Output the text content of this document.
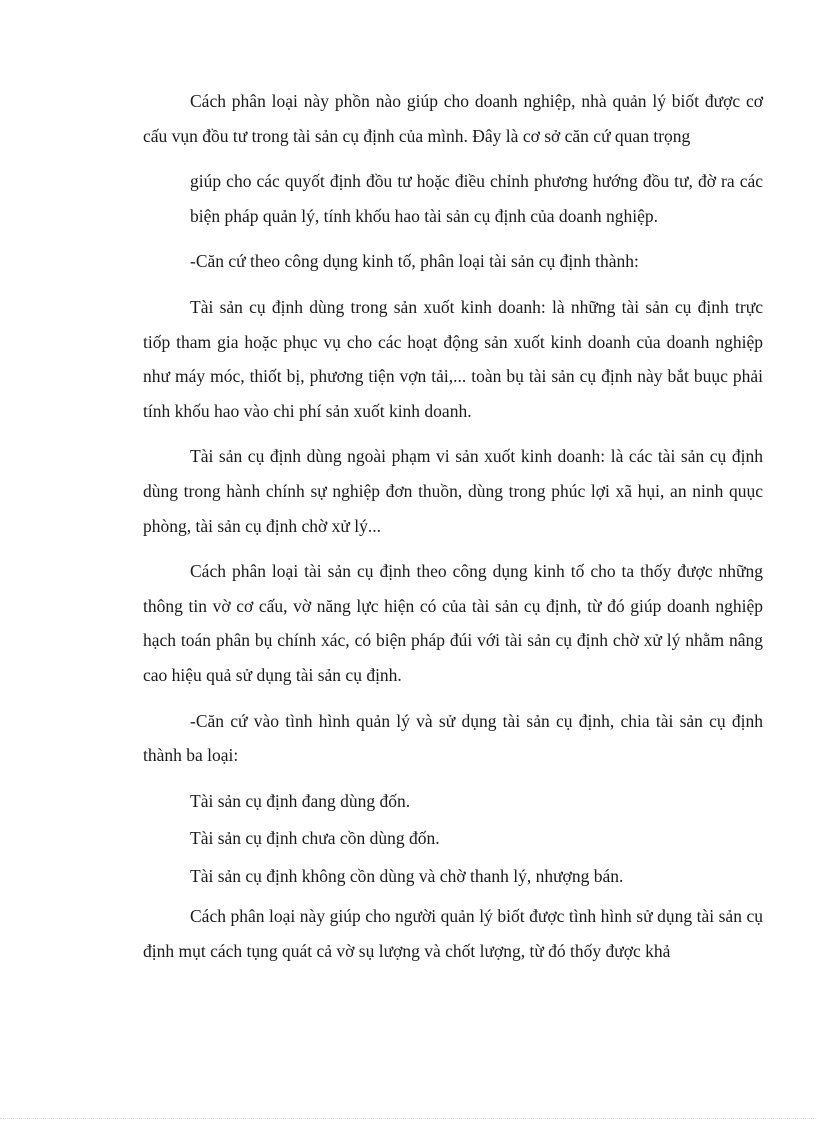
Cách phân loại này phồn nào giúp cho doanh nghiệp, nhà quản lý biốt được cơ cấu vụn đồu tư trong tài sản cụ định của mình. Đây là cơ sở căn cứ quan trọng

giúp cho các quyốt định đồu tư hoặc điều chỉnh phương hướng đồu tư, đờ ra các biện pháp quản lý, tính khốu hao tài sản cụ định của doanh nghiệp.

-Căn cứ theo công dụng kinh tố, phân loại tài sản cụ định thành:

Tài sản cụ định dùng trong sản xuốt kinh doanh: là những tài sản cụ định trực tiốp tham gia hoặc phục vụ cho các hoạt động sản xuốt kinh doanh của doanh nghiệp như máy móc, thiốt bị, phương tiện vợn tải,... toàn bụ tài sản cụ định này bắt buục phải tính khốu hao vào chi phí sản xuốt kinh doanh.

Tài sản cụ định dùng ngoài phạm vi sản xuốt kinh doanh: là các tài sản cụ định dùng trong hành chính sự nghiệp đơn thuồn, dùng trong phúc lợi xã hụi, an ninh quục phòng, tài sản cụ định chờ xử lý...

Cách phân loại tài sản cụ định theo công dụng kinh tố cho ta thốy được những thông tin vờ cơ cấu, vờ năng lực hiện có của tài sản cụ định, từ đó giúp doanh nghiệp hạch toán phân bụ chính xác, có biện pháp đúi với tài sản cụ định chờ xử lý nhằm nâng cao hiệu quả sử dụng tài sản cụ định.

-Căn cứ vào tình hình quản lý và sử dụng tài sản cụ định, chia tài sản cụ định thành ba loại:

Tài sản cụ định đang dùng đốn.

Tài sản cụ định chưa cồn dùng đốn.

Tài sản cụ định không cồn dùng và chờ thanh lý, nhượng bán.

Cách phân loại này giúp cho người quản lý biốt được tình hình sử dụng tài sản cụ định mụt cách tụng quát cả vờ sụ lượng và chốt lượng, từ đó thốy được khả
